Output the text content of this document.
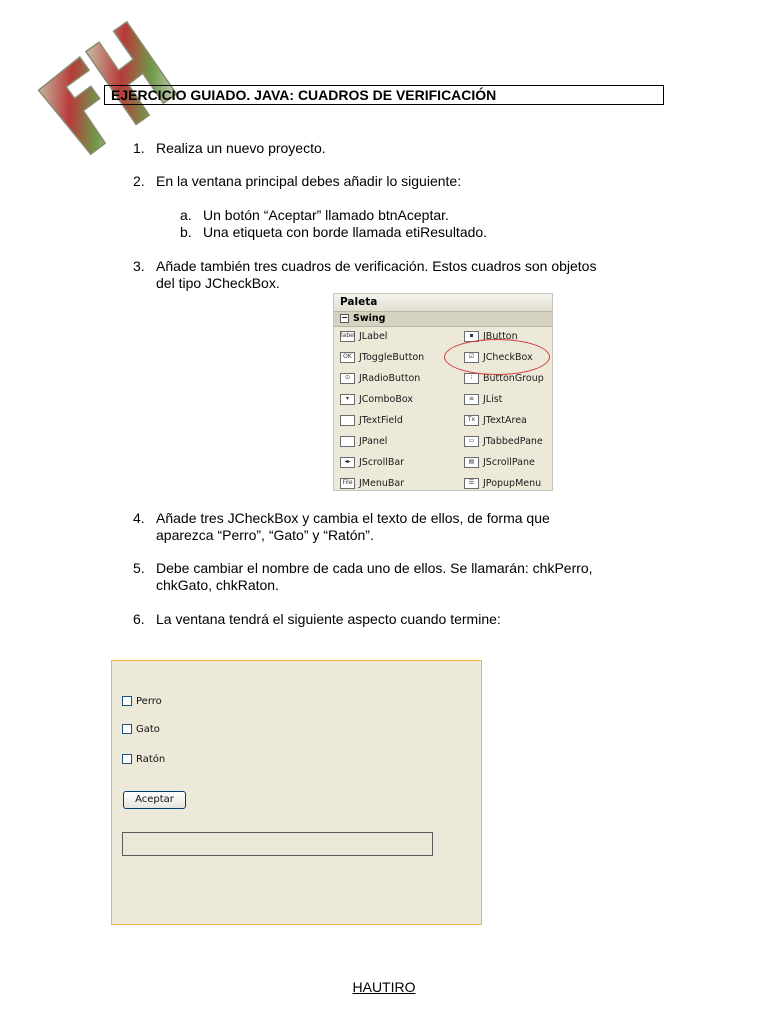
EJERCICIO GUIADO. JAVA: CUADROS DE VERIFICACIÓN
1. Realiza un nuevo proyecto.
2. En la ventana principal debes añadir lo siguiente:
a. Un botón “Aceptar” llamado btnAceptar.
b. Una etiqueta con borde llamada etiResultado.
3. Añade también tres cuadros de verificación. Estos cuadros son objetos
del tipo JCheckBox.
Paleta
− Swing
label JLabel
OK JToggleButton
⊙ JRadioButton
▾ JComboBox
JTextField
JPanel
◂▸ JScrollBar
File JMenuBar
▪ JButton
☑ JCheckBox
⁝ ButtonGroup
≡ JList
Tx JTextArea
▭ JTabbedPane
▤ JScrollPane
☰ JPopupMenu
4. Añade tres JCheckBox y cambia el texto de ellos, de forma que
aparezca “Perro”, “Gato” y “Ratón”.
5. Debe cambiar el nombre de cada uno de ellos. Se llamarán: chkPerro,
chkGato, chkRaton.
6. La ventana tendrá el siguiente aspecto cuando termine:
Perro
Gato
Ratón
Aceptar
HAUTIRO
